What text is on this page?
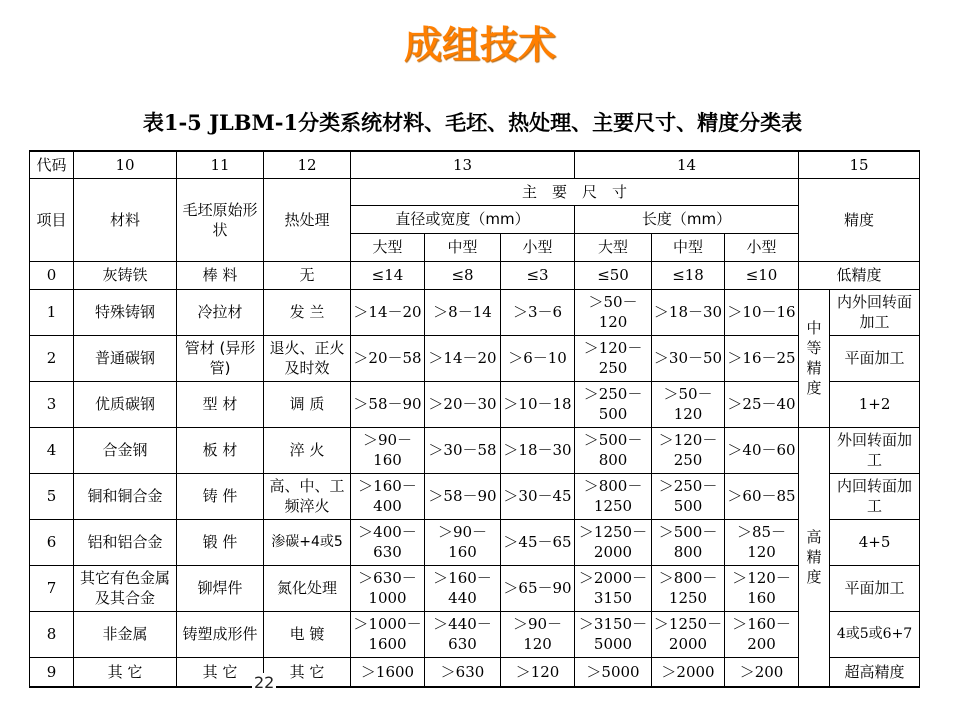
成组技术
表1-5 JLBM-1分类系统材料、毛坯、热处理、主要尺寸、精度分类表
代码	10	11	12	13			14			15	
项目	材料	毛坯原始形状	热处理	主　要　尺　寸						精度	
				直径或宽度（mm）			长度（mm）				
				大型	中型	小型	大型	中型	小型		
0	灰铸铁	棒 料	无	≤14	≤8	≤3	≤50	≤18	≤10	低精度	
1	特殊铸钢	冷拉材	发 兰	＞14－20	＞8－14	＞3－6	＞50－120	＞18－30	＞10－16	中等精度	内外回转面加工
2	普通碳钢	管材 (异形管)	退火、正火及时效	＞20－58	＞14－20	＞6－10	＞120－250	＞30－50	＞16－25		平面加工
3	优质碳钢	型 材	调 质	＞58－90	＞20－30	＞10－18	＞250－500	＞50－120	＞25－40		1+2
4	合金钢	板 材	淬 火	＞90－160	＞30－58	＞18－30	＞500－800	＞120－250	＞40－60	高精度	外回转面加工
5	铜和铜合金	铸 件	高、中、工频淬火	＞160－400	＞58－90	＞30－45	＞800－1250	＞250－500	＞60－85		内回转面加工
6	铝和铝合金	锻 件	渗碳+4或5	＞400－630	＞90－160	＞45－65	＞1250－2000	＞500－800	＞85－120		4+5
7	其它有色金属及其合金	铆焊件	氮化处理	＞630－1000	＞160－440	＞65－90	＞2000－3150	＞800－1250	＞120－160		平面加工
8	非金属	铸塑成形件	电 镀	＞1000－1600	＞440－630	＞90－120	＞3150－5000	＞1250－2000	＞160－200		4或5或6+7
9	其 它	其 它	其 它	＞1600	＞630	＞120	＞5000	＞2000	＞200		超高精度
22
